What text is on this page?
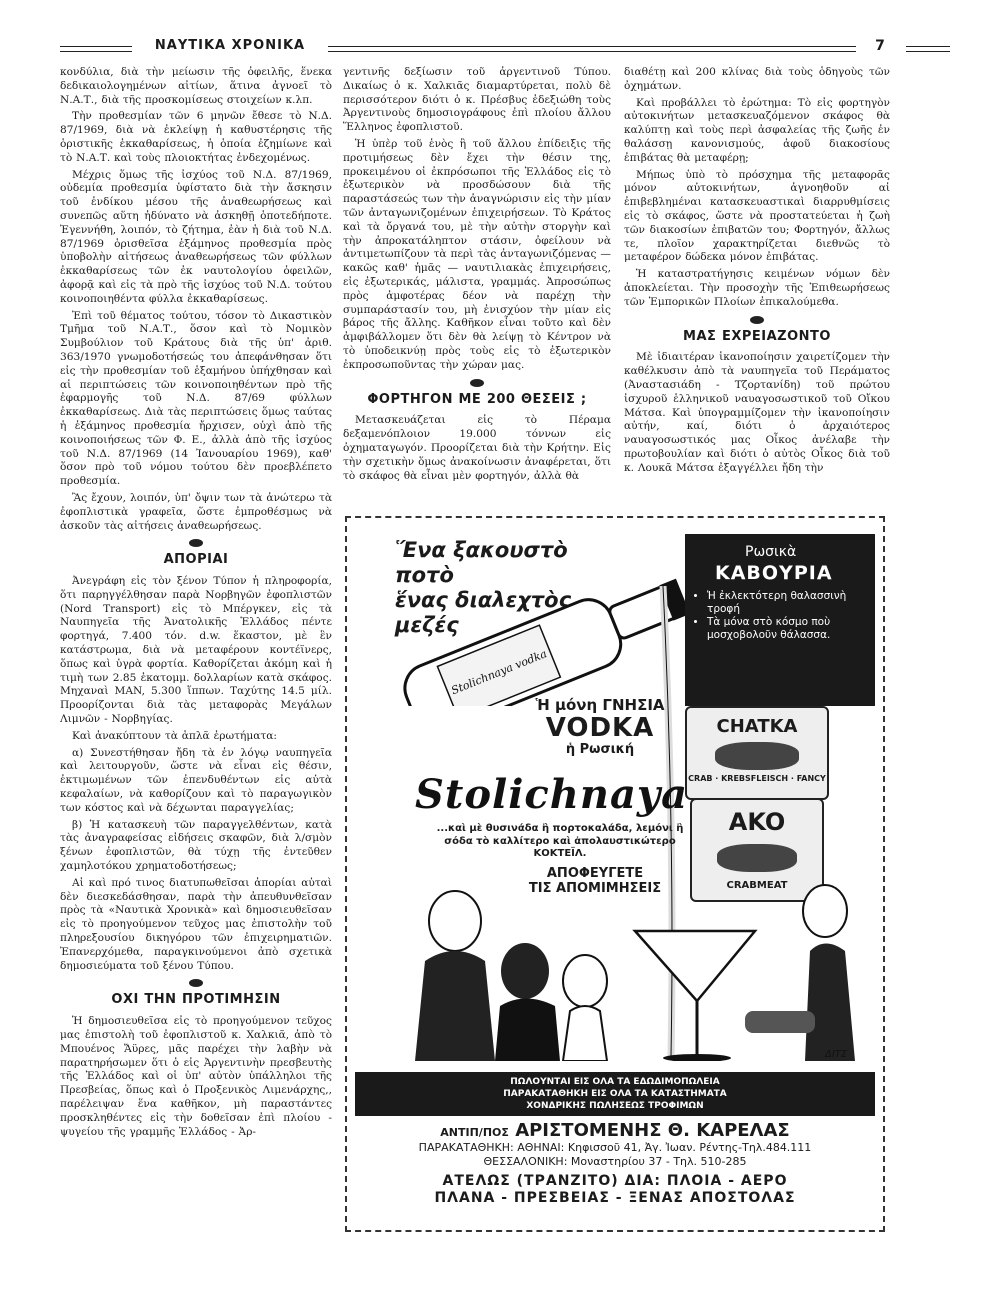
ΝΑΥΤΙΚΑ ΧΡΟΝΙΚΑ	7

κονδύλια, διὰ τὴν μείωσιν τῆς ὀφειλῆς, ἕνεκα δεδικαιολογημένων αἰτίων, ἅτινα ἀγνοεῖ τὸ Ν.Α.Τ., διὰ τῆς προσκομίσεως στοιχείων κ.λπ.

Τὴν προθεσμίαν τῶν 6 μηνῶν ἔθεσε τὸ Ν.Δ. 87/1969, διὰ νὰ ἐκλείψῃ ἡ καθυστέρησις τῆς ὁριστικῆς ἐκκαθαρίσεως, ἡ ὁποία ἐζημίωνε καὶ τὸ Ν.Α.Τ. καὶ τοὺς πλοιοκτήτας ἐνδεχομένως.

Μέχρις ὅμως τῆς ἰσχύος τοῦ Ν.Δ. 87/1969, οὐδεμία προθεσμία ὑφίστατο διὰ τὴν ἄσκησιν τοῦ ἐνδίκου μέσου τῆς ἀναθεωρήσεως καὶ συνεπῶς αὕτη ἠδύνατο νὰ ἀσκηθῇ ὁποτεδήποτε. Ἐγεννήθη, λοιπόν, τὸ ζήτημα, ἐὰν ἡ διὰ τοῦ Ν.Δ. 87/1969 ὁρισθεῖσα ἑξάμηνος προθεσμία πρὸς ὑποβολὴν αἰτήσεως ἀναθεωρήσεως τῶν φύλλων ἐκκαθαρίσεως τῶν ἐκ ναυτολογίου ὀφειλῶν, ἀφορᾷ καὶ εἰς τὰ πρὸ τῆς ἰσχύος τοῦ Ν.Δ. τούτου κοινοποιηθέντα φύλλα ἐκκαθαρίσεως.

Ἐπὶ τοῦ θέματος τούτου, τόσον τὸ Δικαστικὸν Τμῆμα τοῦ Ν.Α.Τ., ὅσον καὶ τὸ Νομικὸν Συμβούλιον τοῦ Κράτους διὰ τῆς ὑπ' ἀριθ. 363/1970 γνωμοδοτήσεώς του ἀπεφάνθησαν ὅτι εἰς τὴν προθεσμίαν τοῦ ἑξαμήνου ὑπήχθησαν καὶ αἱ περιπτώσεις τῶν κοινοποιηθέντων πρὸ τῆς ἐφαρμογῆς τοῦ Ν.Δ. 87/69 φύλλων ἐκκαθαρίσεως. Διὰ τὰς περιπτώσεις ὅμως ταύτας ἡ ἑξάμηνος προθεσμία ἤρχισεν, οὐχὶ ἀπὸ τῆς κοινοποιήσεως τῶν Φ. Ε., ἀλλὰ ἀπὸ τῆς ἰσχύος τοῦ Ν.Δ. 87/1969 (14 Ἰανουαρίου 1969), καθ' ὅσον πρὸ τοῦ νόμου τούτου δὲν προεβλέπετο προθεσμία.

Ἂς ἔχουν, λοιπόν, ὑπ' ὄψιν των τὰ ἀνώτερω τὰ ἐφοπλιστικὰ γραφεῖα, ὥστε ἐμπροθέσμως νὰ ἀσκοῦν τὰς αἰτήσεις ἀναθεωρήσεως.

ΑΠΟΡΙΑΙ

Ἀνεγράφη εἰς τὸν ξένον Τύπον ἡ πληροφορία, ὅτι παρηγγέλθησαν παρὰ Νορβηγῶν ἐφοπλιστῶν (Nord Transport) εἰς τὸ Μπέργκεν, εἰς τὰ Ναυπηγεῖα τῆς Ἀνατολικῆς Ἑλλάδος πέντε φορτηγά, 7.400 τόν. d.w. ἕκαστον, μὲ ἓν κατάστρωμα, διὰ νὰ μεταφέρουν κοντέϊνερς, ὅπως καὶ ὑγρὰ φορτία. Καθορίζεται ἀκόμη καὶ ἡ τιμὴ των 2.85 ἑκατομμ. δολλαρίων κατὰ σκάφος. Μηχαναὶ MAN, 5.300 ἵππων. Ταχύτης 14.5 μίλ. Προορίζονται διὰ τὰς μεταφορὰς Μεγάλων Λιμνῶν - Νορβηγίας.

Καὶ ἀνακύπτουν τὰ ἁπλᾶ ἐρωτήματα:

α) Συνεστήθησαν ἤδη τὰ ἐν λόγῳ ναυπηγεῖα καὶ λειτουργοῦν, ὥστε νὰ εἶναι εἰς θέσιν, ἐκτιμωμένων τῶν ἐπενδυθέντων εἰς αὐτὰ κεφαλαίων, νὰ καθορίζουν καὶ τὸ παραγωγικὸν των κόστος καὶ νὰ δέχωνται παραγγελίας;

β) Ἡ κατασκευὴ τῶν παραγγελθέντων, κατὰ τὰς ἀναγραφείσας εἰδήσεις σκαφῶν, διὰ λ/σμὸν ξένων ἐφοπλιστῶν, θὰ τύχῃ τῆς ἐντεῦθεν χαμηλοτόκου χρηματοδοτήσεως;

Αἱ καὶ πρό τινος διατυπωθεῖσαι ἀπορίαι αὐταὶ δὲν διεσκεδάσθησαν, παρὰ τὴν ἀπευθυνθεῖσαν πρὸς τὰ «Ναυτικὰ Χρονικὰ» καὶ δημοσιευθεῖσαν εἰς τὸ προηγούμενον τεῦχος μας ἐπιστολὴν τοῦ πληρεξουσίου δικηγόρου τῶν ἐπιχειρηματιῶν. Ἐπανερχόμεθα, παραγκινούμενοι ἀπὸ σχετικὰ δημοσιεύματα τοῦ ξένου Τύπου.

ΟΧΙ ΤΗΝ ΠΡΟΤΙΜΗΣΙΝ

Ἡ δημοσιευθεῖσα εἰς τὸ προηγούμενον τεῦχος μας ἐπιστολὴ τοῦ ἐφοπλιστοῦ κ. Χαλκιᾶ, ἀπὸ τὸ Μπουένος Ἄϋρες, μᾶς παρέχει τὴν λαβὴν νὰ παρατηρήσωμεν ὅτι ὁ εἰς Ἀργεντινὴν πρεσβευτὴς τῆς Ἑλλάδος καὶ οἱ ὑπ' αὐτὸν ὑπάλληλοι τῆς Πρεσβείας, ὅπως καὶ ὁ Προξενικὸς Λιμενάρχης,, παρέλειψαν ἕνα καθῆκον, μὴ παραστάντες προσκληθέντες εἰς τὴν δοθεῖσαν ἐπὶ πλοίου - ψυγείου τῆς γραμμῆς Ἑλλάδος - Ἀρ-

γεντινῆς δεξίωσιν τοῦ ἀργεντινοῦ Τύπου. Δικαίως ὁ κ. Χαλκιᾶς διαμαρτύρεται, πολὺ δὲ περισσότερον διότι ὁ κ. Πρέσβυς ἐδεξιώθη τοὺς Ἀργεντινοὺς δημοσιογράφους ἐπὶ πλοίου ἄλλου Ἕλληνος ἐφοπλιστοῦ.

Ἡ ὑπὲρ τοῦ ἑνὸς ἢ τοῦ ἄλλου ἐπίδειξις τῆς προτιμήσεως δὲν ἔχει τὴν θέσιν της, προκειμένου οἱ ἐκπρόσωποι τῆς Ἑλλάδος εἰς τὸ ἐξωτερικὸν νὰ προσδώσουν διὰ τῆς παραστάσεώς των τὴν ἀναγνώρισιν εἰς τὴν μίαν τῶν ἀνταγωνιζομένων ἐπιχειρήσεων. Τὸ Κράτος καὶ τὰ ὄργανά του, μὲ τὴν αὐτὴν στοργὴν καὶ τὴν ἀπροκατάληπτον στάσιν, ὀφείλουν νὰ ἀντιμετωπίζουν τὰ περὶ τὰς ἀνταγωνιζόμενας — κακῶς καθ' ἡμᾶς — ναυτιλιακὰς ἐπιχειρήσεις, εἰς ἐξωτερικάς, μάλιστα, γραμμάς. Ἀπροσώπως πρὸς ἀμφοτέρας δέον νὰ παρέχῃ τὴν συμπαράστασίν του, μὴ ἐνισχύον τὴν μίαν εἰς βάρος τῆς ἄλλης. Καθῆκον εἶναι τοῦτο καὶ δὲν ἀμφιβάλλομεν ὅτι δὲν θὰ λείψῃ τὸ Κέντρον νὰ τὸ ὑποδεικνύῃ πρὸς τοὺς εἰς τὸ ἐξωτερικὸν ἐκπροσωποῦντας τὴν χώραν μας.

ΦΟΡΤΗΓΟΝ ΜΕ 200 ΘΕΣΕΙΣ ;

Μετασκευάζεται εἰς τὸ Πέραμα δεξαμενόπλοιον 19.000 τόννων εἰς ὀχηματαγωγόν. Προορίζεται διὰ τὴν Κρήτην. Εἰς τὴν σχετικὴν ὅμως ἀνακοίνωσιν ἀναφέρεται, ὅτι τὸ σκάφος θὰ εἶναι μὲν φορτηγόν, ἀλλὰ θὰ

διαθέτῃ καὶ 200 κλίνας διὰ τοὺς ὁδηγοὺς τῶν ὀχημάτων.

Καὶ προβάλλει τὸ ἐρώτημα: Τὸ εἰς φορτηγὸν αὐτοκινήτων μετασκευαζόμενον σκάφος θὰ καλύπτῃ καὶ τοὺς περὶ ἀσφαλείας τῆς ζωῆς ἐν θαλάσσῃ κανονισμούς, ἀφοῦ διακοσίους ἐπιβάτας θὰ μεταφέρῃ;

Μήπως ὑπὸ τὸ πρόσχημα τῆς μεταφορᾶς μόνον αὐτοκινήτων, ἀγνοηθοῦν αἱ ἐπιβεβλημέναι κατασκευαστικαὶ διαρρυθμίσεις εἰς τὸ σκάφος, ὥστε νὰ προστατεύεται ἡ ζωὴ τῶν διακοσίων ἐπιβατῶν του; Φορτηγόν, ἄλλως τε, πλοῖον χαρακτηρίζεται διεθνῶς τὸ μεταφέρον δώδεκα μόνον ἐπιβάτας.

Ἡ καταστρατήγησις κειμένων νόμων δὲν ἀποκλείεται. Τὴν προσοχὴν τῆς Ἐπιθεωρήσεως τῶν Ἐμπορικῶν Πλοίων ἐπικαλούμεθα.

ΜΑΣ ΕΧΡΕΙΑΖΟΝΤΟ

Μὲ ἰδιαιτέραν ἱκανοποίησιν χαιρετίζομεν τὴν καθέλκυσιν ἀπὸ τὰ ναυπηγεῖα τοῦ Περάματος (Ἀναστασιάδη - Τζορτανίδη) τοῦ πρώτου ἰσχυροῦ ἑλληνικοῦ ναυαγοσωστικοῦ τοῦ Οἴκου Μάτσα. Καὶ ὑπογραμμίζομεν τὴν ἱκανοποίησιν αὐτήν, καί, διότι ὁ ἀρχαιότερος ναυαγοσωστικός μας Οἶκος ἀνέλαβε τὴν πρωτοβουλίαν καὶ διότι ὁ αὐτὸς Οἶκος διὰ τοῦ κ. Λουκᾶ Μάτσα ἐξαγγέλλει ἤδη τὴν

Ἕνα ξακουστὸ ποτὸ
ἕνας διαλεχτὸς μεζές
Stolichnaya vodka
Ρωσικὰ
ΚΑΒΟΥΡΙΑ
• Ἡ ἐκλεκτότερη θαλασσινὴ τροφή
• Τὰ μόνα στὸ κόσμο ποὺ μοσχοβολοῦν θάλασσα.
CHATKA
CRAB · KREBSFLEISCH · FANCY
AKO
CRABMEAT
Ἡ μόνη ΓΝΗΣΙΑ
VODKA
ἡ Ρωσική
Stolichnaya
...καὶ μὲ θυσινάδα ἢ πορτοκαλάδα, λεμόνι ἢ σόδα τὸ καλλίτερο καὶ ἀπολαυστικώτερο ΚΟΚΤΕΪΛ.
ΑΠΟΦΕΥΓΕΤΕ
ΤΙΣ ΑΠΟΜΙΜΗΣΕΙΣ
ΔΙΤΣ
ΠΩΛΟΥΝΤΑΙ ΕΙΣ ΟΛΑ ΤΑ ΕΔΩΔΙΜΟΠΩΛΕΙΑ
ΠΑΡΑΚΑΤΑΘΗΚΗ ΕΙΣ ΟΛΑ ΤΑ ΚΑΤΑΣΤΗΜΑΤΑ
ΧΟΝΔΡΙΚΗΣ ΠΩΛΗΣΕΩΣ ΤΡΟΦΙΜΩΝ
ΑΝΤΙΠ/ΠΟΣ ΑΡΙΣΤΟΜΕΝΗΣ Θ. ΚΑΡΕΛΑΣ
ΠΑΡΑΚΑΤΑΘΗΚΗ: ΑΘΗΝΑΙ: Κηφισσοῦ 41, Ἀγ. Ἰωαν. Ρέντης-Τηλ.484.111
ΘΕΣΣΑΛΟΝΙΚΗ: Μοναστηρίου 37 - Τηλ. 510-285
ΑΤΕΛΩΣ (ΤΡΑΝΖΙΤΟ) ΔΙΑ: ΠΛΟΙΑ - ΑΕΡΟ
ΠΛΑΝΑ - ΠΡΕΣΒΕΙΑΣ - ΞΕΝΑΣ ΑΠΟΣΤΟΛΑΣ
